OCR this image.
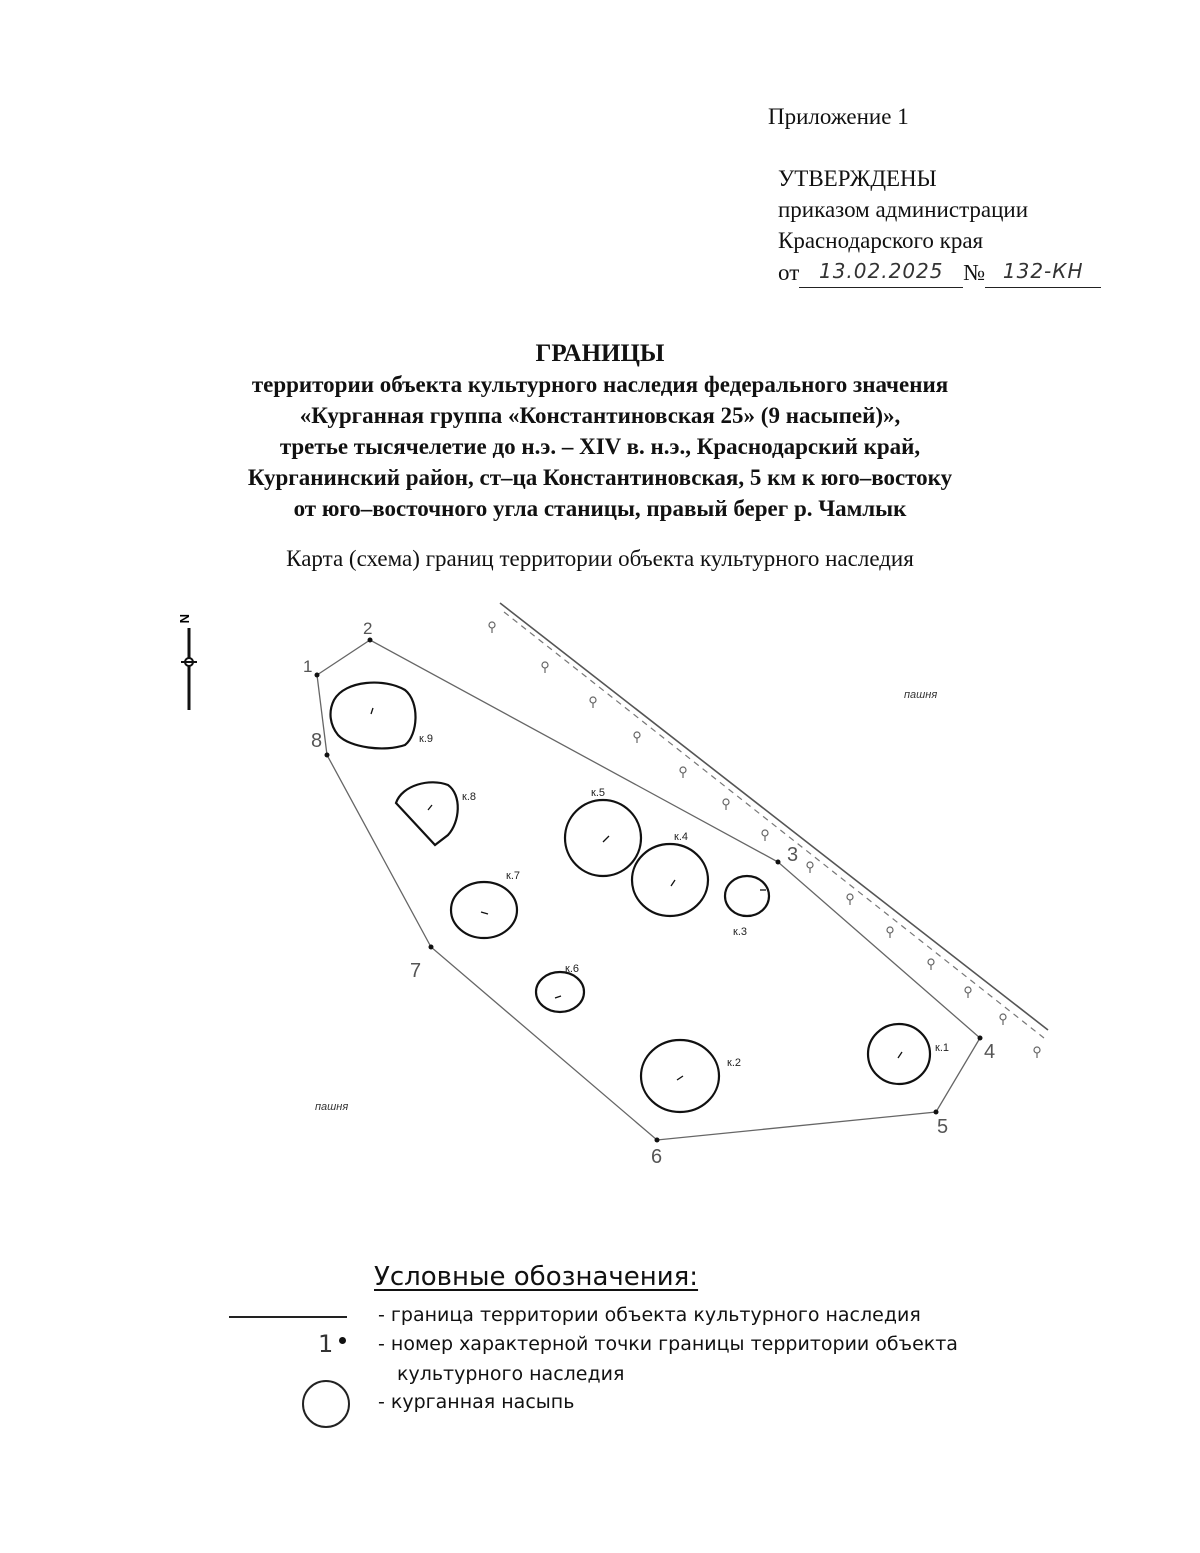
Приложение 1
УТВЕРЖДЕНЫ
приказом администрации
Краснодарского края
от 13.02.2025 № 132-КН
ГРАНИЦЫ
территории объекта культурного наследия федерального значения
«Курганная группа «Константиновская 25» (9 насыпей)»,
третье тысячелетие до н.э. – XIV в. н.э., Краснодарский край,
Курганинский район, ст–ца Константиновская, 5 км к юго–востоку
от юго–восточного угла станицы, правый берег р. Чамлык
Карта (схема) границ территории объекта культурного наследия
N
1
2
3
4
5
6
7
8
к.1
к.2
к.3
к.4
к.5
к.6
к.7
к.8
к.9
пашня
пашня
Условные обозначения:
- граница территории объекта культурного наследия
1 - номер характерной точки границы территории объекта
культурного наследия
- курганная насыпь
